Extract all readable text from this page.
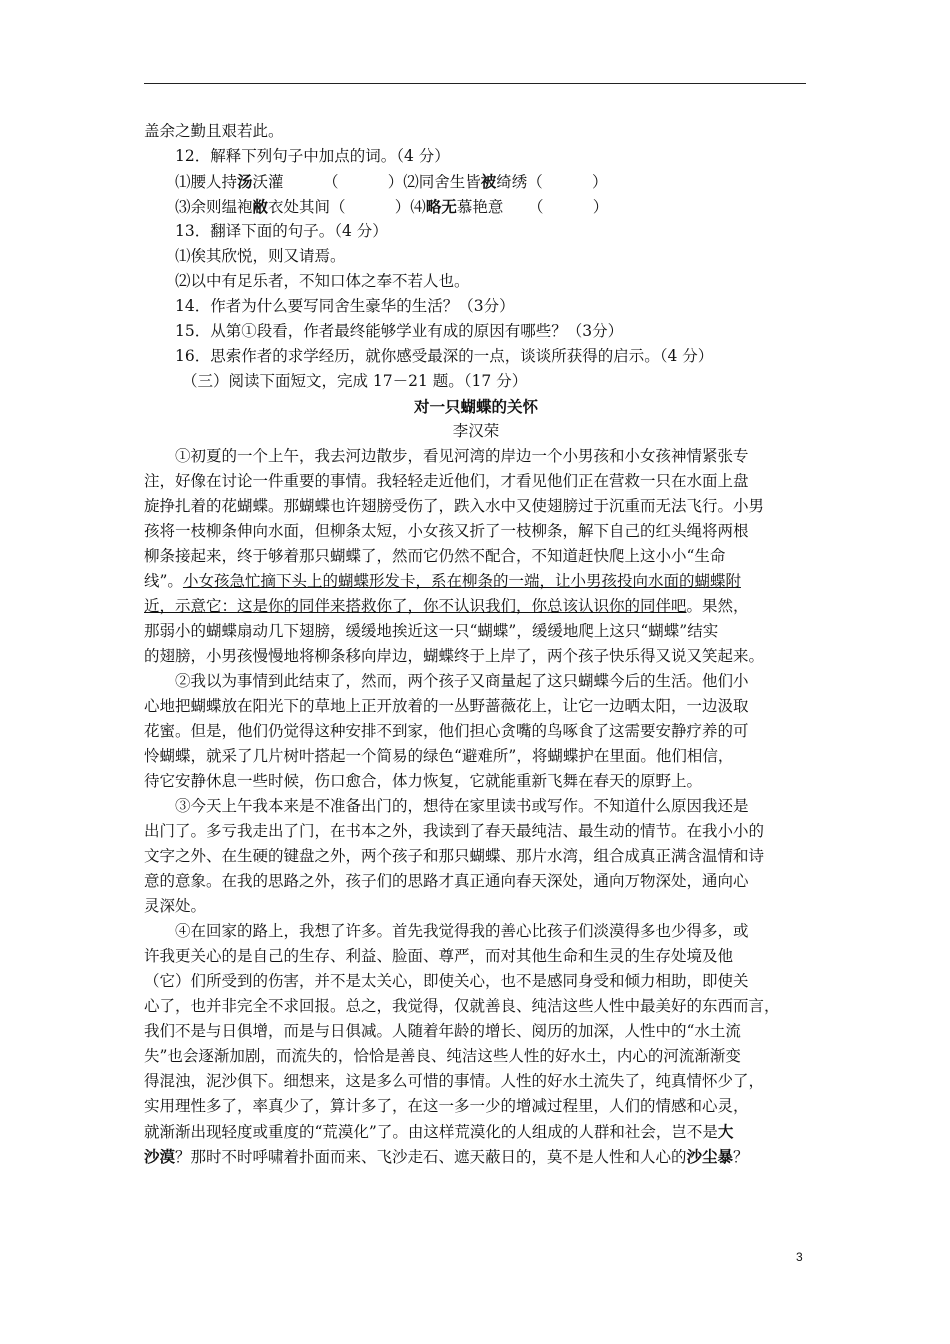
盖余之勤且艰若此。
12．解释下列句子中加点的词。（4 分）
⑴腰人持汤沃灌        （          ）⑵同舍生皆被绮绣（          ）
⑶余则缊袍敝衣处其间（          ）⑷略无慕艳意     （          ）
13．翻译下面的句子。（4 分）
⑴俟其欣悦，则又请焉。
⑵以中有足乐者，不知口体之奉不若人也。
14．作者为什么要写同舍生豪华的生活？（3分）
15．从第①段看，作者最终能够学业有成的原因有哪些？（3分）
16．思索作者的求学经历，就你感受最深的一点，谈谈所获得的启示。（4 分）
（三）阅读下面短文，完成 17－21 题。（17 分）
对一只蝴蝶的关怀
李汉荣
①初夏的一个上午，我去河边散步，看见河湾的岸边一个小男孩和小女孩神情紧张专
注，好像在讨论一件重要的事情。我轻轻走近他们，才看见他们正在营救一只在水面上盘
旋挣扎着的花蝴蝶。那蝴蝶也许翅膀受伤了，跌入水中又使翅膀过于沉重而无法飞行。小男
孩将一枝柳条伸向水面，但柳条太短，小女孩又折了一枝柳条，解下自己的红头绳将两根
柳条接起来，终于够着那只蝴蝶了，然而它仍然不配合，不知道赶快爬上这小小“生命
线”。小女孩急忙摘下头上的蝴蝶形发卡，系在柳条的一端，让小男孩投向水面的蝴蝶附
近，示意它：这是你的同伴来搭救你了，你不认识我们，你总该认识你的同伴吧。果然，
那弱小的蝴蝶扇动几下翅膀，缓缓地挨近这一只“蝴蝶”，缓缓地爬上这只“蝴蝶”结实
的翅膀，小男孩慢慢地将柳条移向岸边，蝴蝶终于上岸了，两个孩子快乐得又说又笑起来。
②我以为事情到此结束了，然而，两个孩子又商量起了这只蝴蝶今后的生活。他们小
心地把蝴蝶放在阳光下的草地上正开放着的一丛野蔷薇花上，让它一边晒太阳，一边汲取
花蜜。但是，他们仍觉得这种安排不到家，他们担心贪嘴的鸟啄食了这需要安静疗养的可
怜蝴蝶，就采了几片树叶搭起一个简易的绿色“避难所”，将蝴蝶护在里面。他们相信，
待它安静休息一些时候，伤口愈合，体力恢复，它就能重新飞舞在春天的原野上。
③今天上午我本来是不准备出门的，想待在家里读书或写作。不知道什么原因我还是
出门了。多亏我走出了门，在书本之外，我读到了春天最纯洁、最生动的情节。在我小小的
文字之外、在生硬的键盘之外，两个孩子和那只蝴蝶、那片水湾，组合成真正满含温情和诗
意的意象。在我的思路之外，孩子们的思路才真正通向春天深处，通向万物深处，通向心
灵深处。
④在回家的路上，我想了许多。首先我觉得我的善心比孩子们淡漠得多也少得多，或
许我更关心的是自己的生存、利益、脸面、尊严，而对其他生命和生灵的生存处境及他
（它）们所受到的伤害，并不是太关心，即使关心，也不是感同身受和倾力相助，即使关
心了，也并非完全不求回报。总之，我觉得，仅就善良、纯洁这些人性中最美好的东西而言，
我们不是与日俱增，而是与日俱减。人随着年龄的增长、阅历的加深，人性中的“水土流
失”也会逐渐加剧，而流失的，恰恰是善良、纯洁这些人性的好水土，内心的河流渐渐变
得混浊，泥沙俱下。细想来，这是多么可惜的事情。人性的好水土流失了，纯真情怀少了，
实用理性多了，率真少了，算计多了，在这一多一少的增减过程里，人们的情感和心灵，
就渐渐出现轻度或重度的“荒漠化”了。由这样荒漠化的人组成的人群和社会，岂不是大
沙漠？那时不时呼啸着扑面而来、飞沙走石、遮天蔽日的，莫不是人性和人心的沙尘暴？
3
